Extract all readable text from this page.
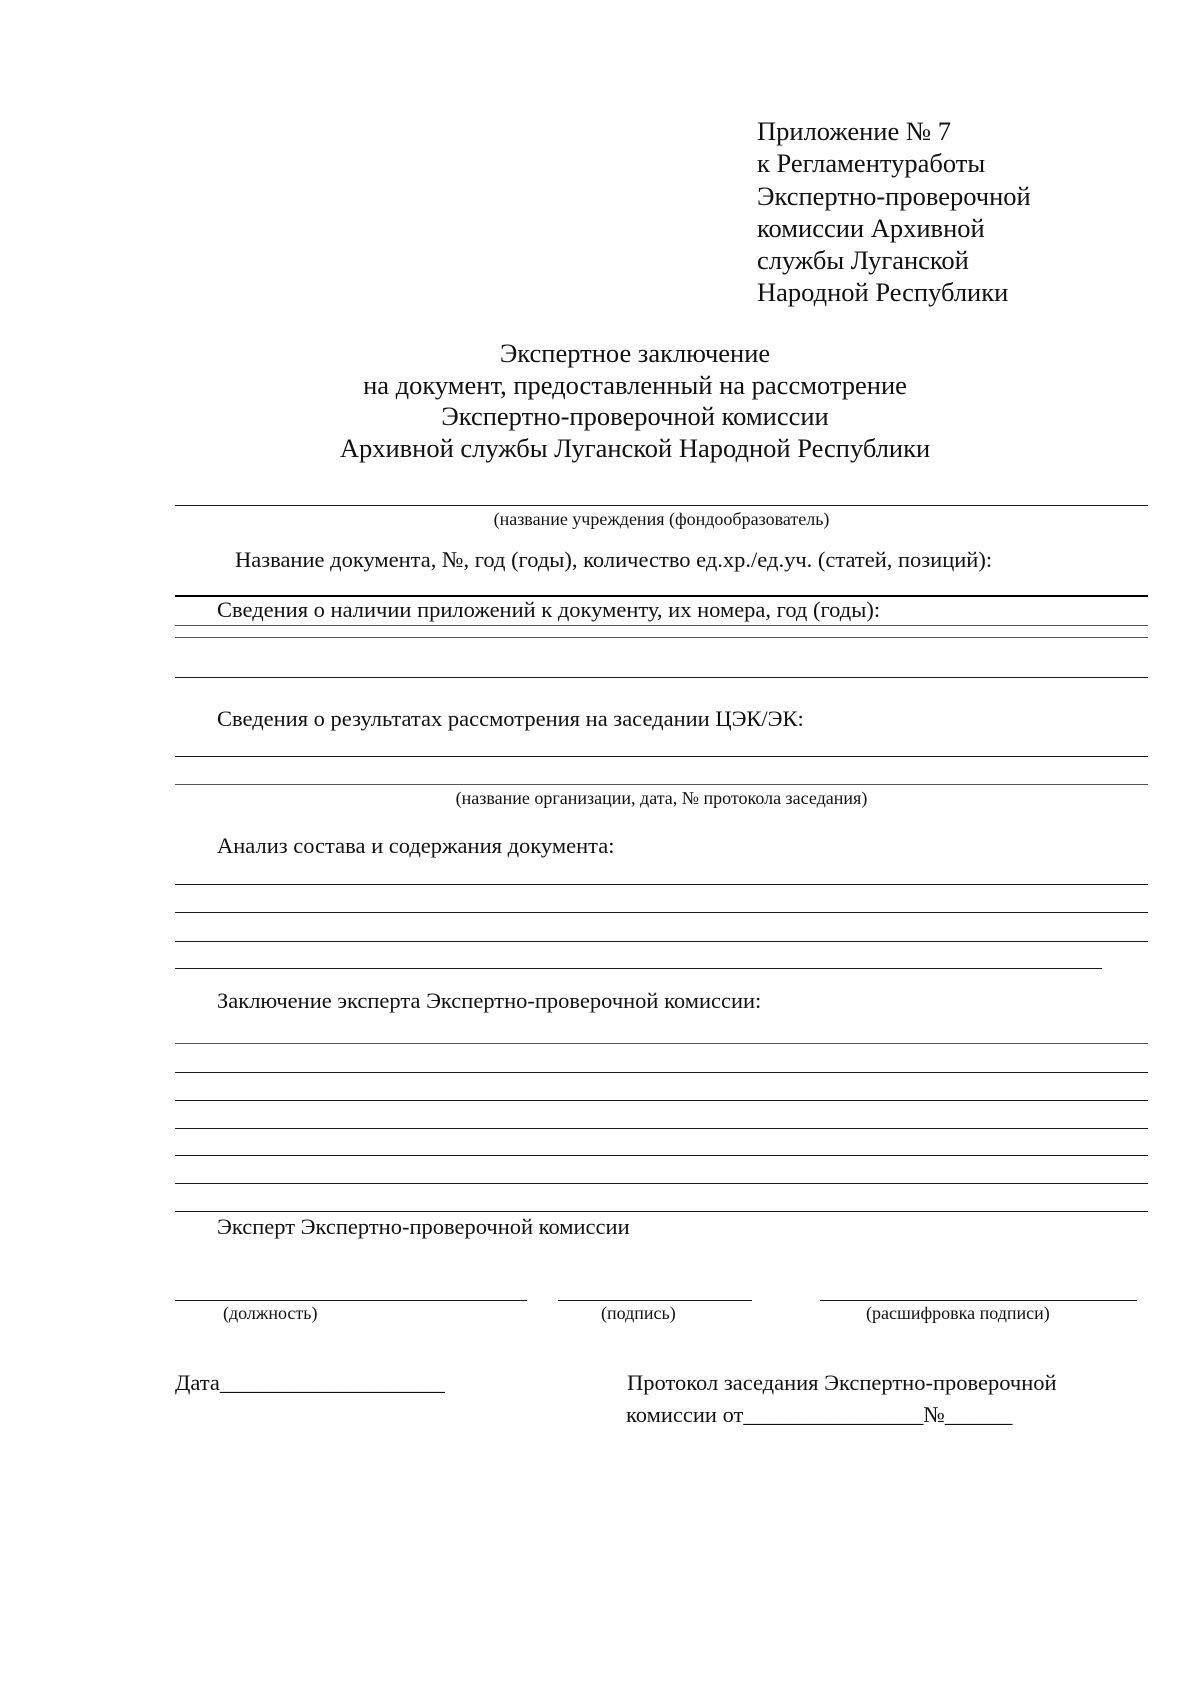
Приложение № 7
к Регламентуработы
Экспертно-проверочной
комиссии Архивной
службы Луганской
Народной Республики
Экспертное заключение
на документ, предоставленный на рассмотрение
Экспертно-проверочной комиссии
Архивной службы Луганской Народной Республики
(название учреждения (фондообразователь)
Название документа, №, год (годы), количество ед.хр./ед.уч. (статей, позиций):
Сведения о наличии приложений к документу, их номера, год (годы):
Сведения о результатах рассмотрения на заседании ЦЭК/ЭК:
(название организации, дата, № протокола заседания)
Анализ состава и содержания документа:
Заключение эксперта Экспертно-проверочной комиссии:
Эксперт Экспертно-проверочной комиссии
(должность)	(подпись)	(расшифровка подписи)
Дата____________________	Протокол заседания Экспертно-проверочной
комиссии от________________№______
